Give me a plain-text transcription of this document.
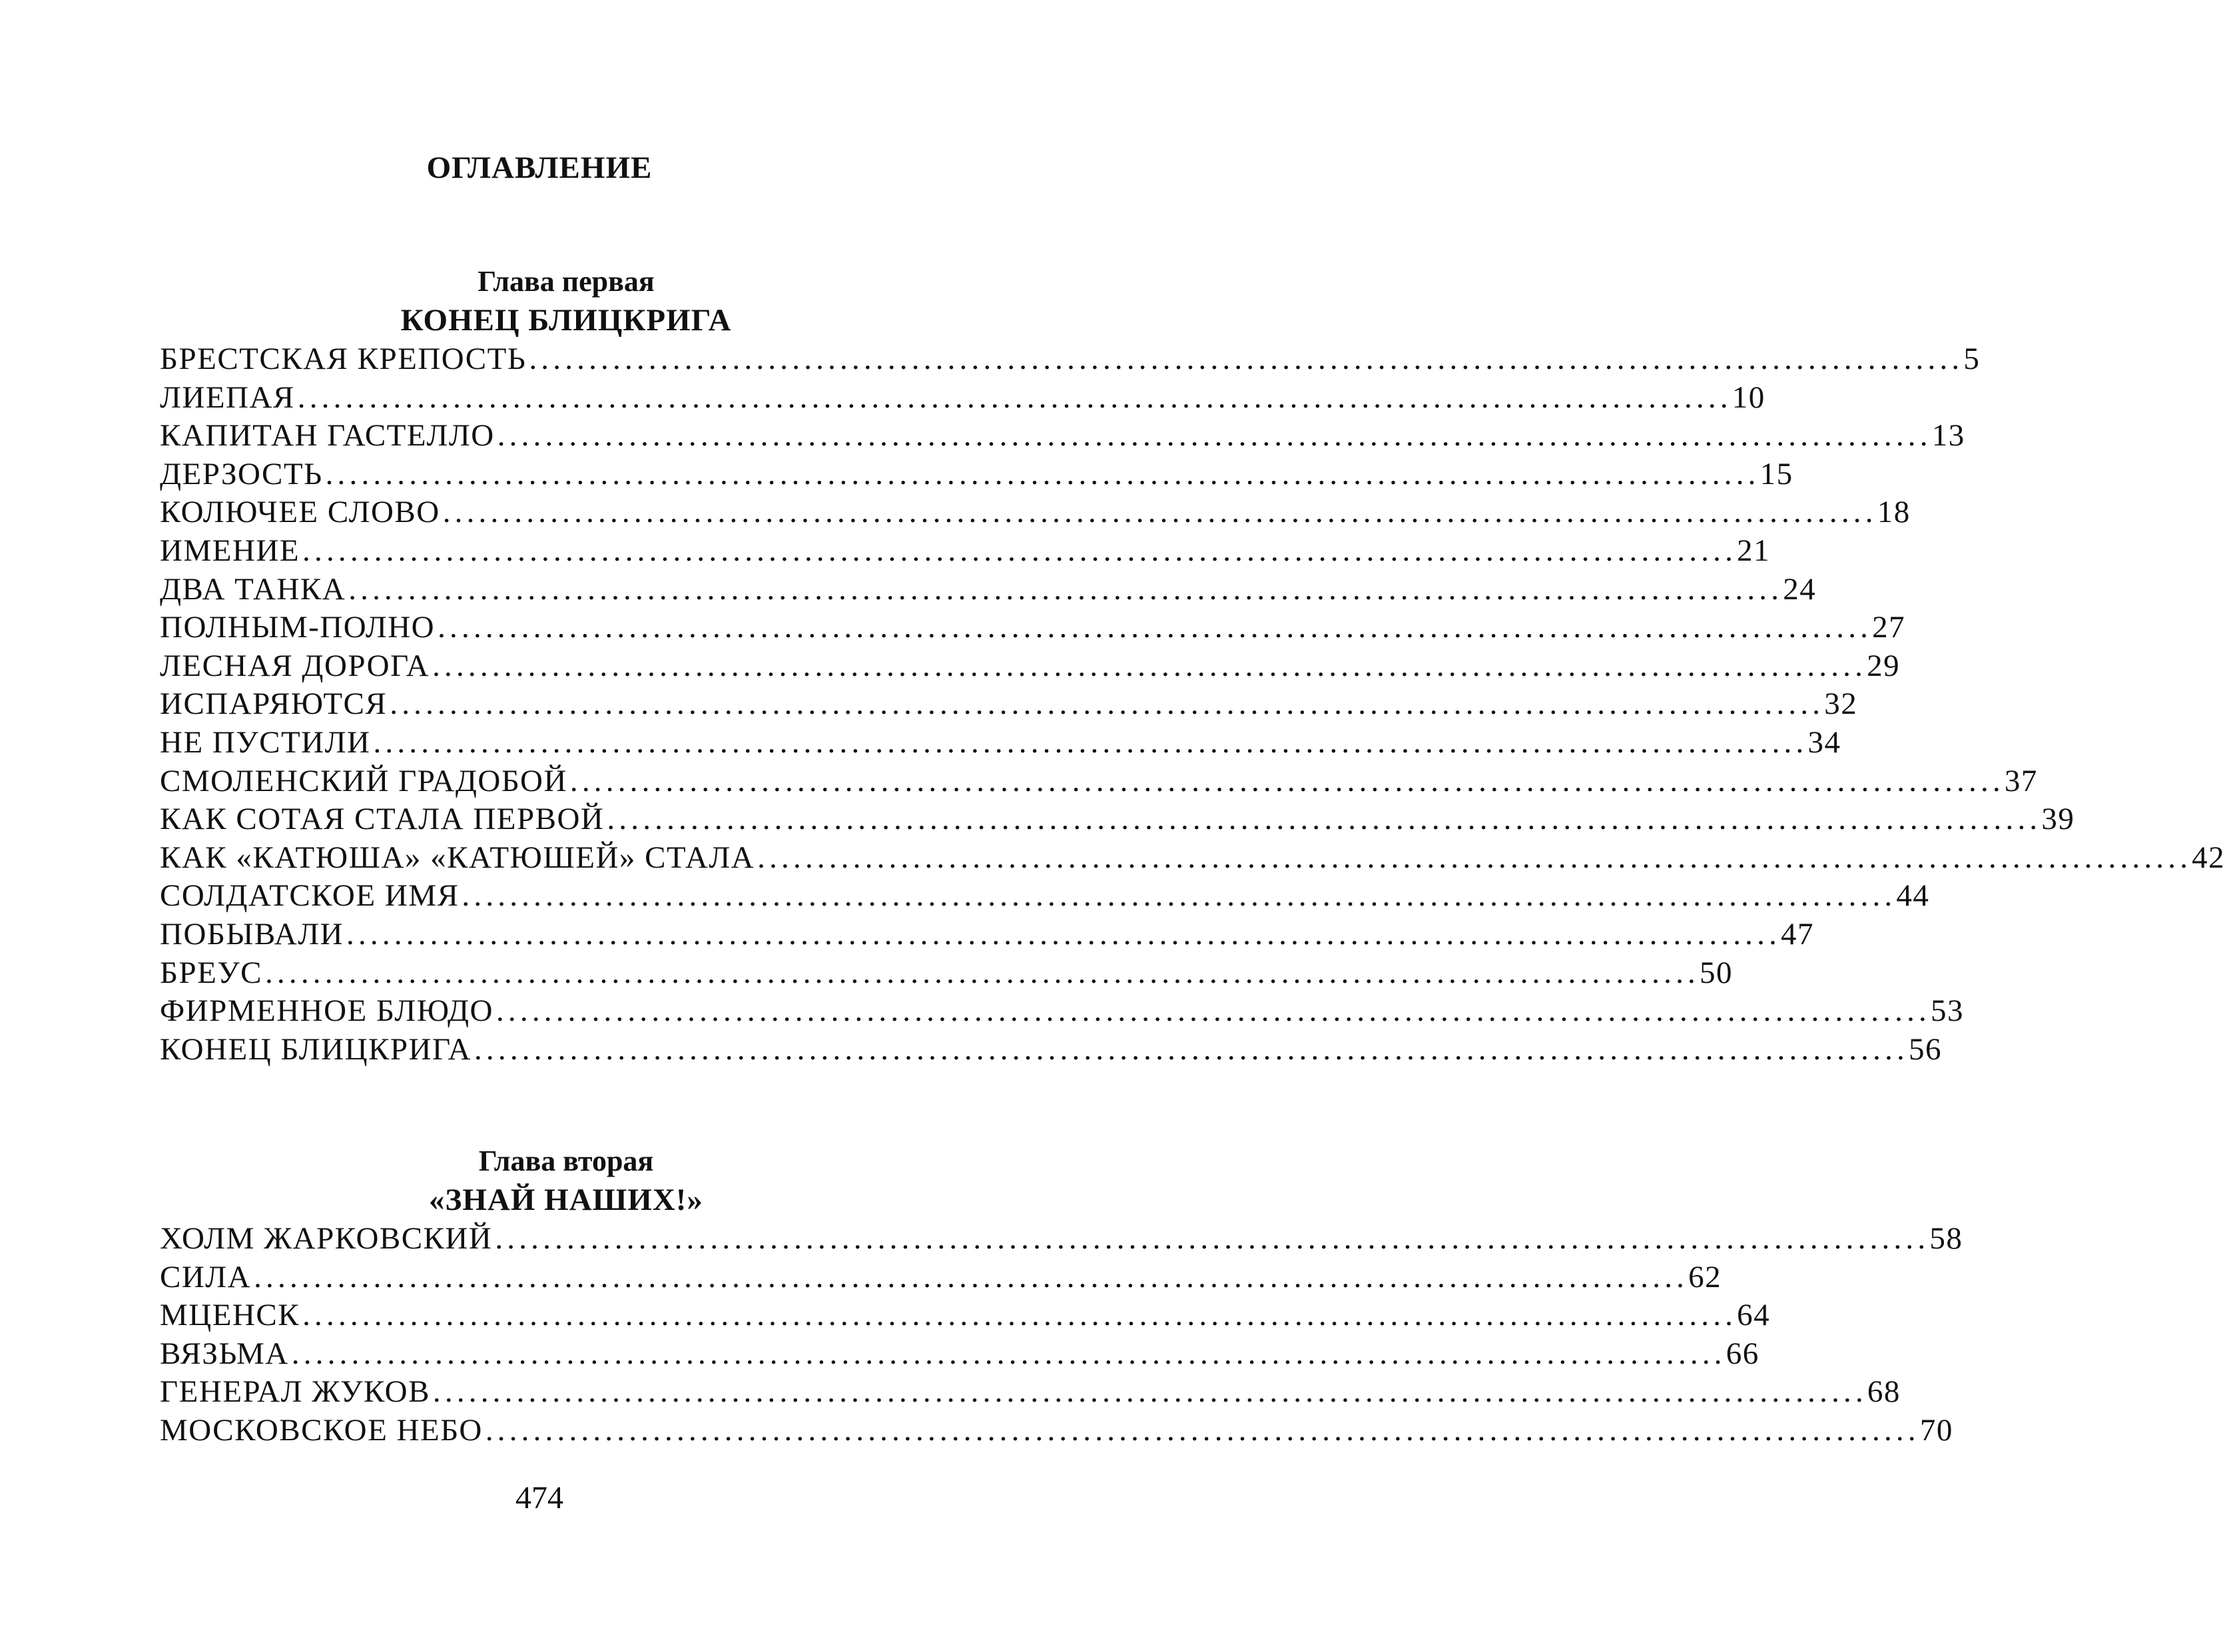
ОГЛАВЛЕНИЕ
Глава первая
КОНЕЦ БЛИЦКРИГА
БРЕСТСКАЯ КРЕПОСТЬ ........................................................................................................................ 5
ЛИЕПАЯ ........................................................................................................................ 10
КАПИТАН ГАСТЕЛЛО ........................................................................................................................ 13
ДЕРЗОСТЬ ........................................................................................................................ 15
КОЛЮЧЕЕ СЛОВО ........................................................................................................................ 18
ИМЕНИЕ ........................................................................................................................ 21
ДВА ТАНКА ........................................................................................................................ 24
ПОЛНЫМ-ПОЛНО ........................................................................................................................ 27
ЛЕСНАЯ ДОРОГА ........................................................................................................................ 29
ИСПАРЯЮТСЯ ........................................................................................................................ 32
НЕ ПУСТИЛИ ........................................................................................................................ 34
СМОЛЕНСКИЙ ГРАДОБОЙ ........................................................................................................................ 37
КАК СОТАЯ СТАЛА ПЕРВОЙ ........................................................................................................................ 39
КАК «КАТЮША» «КАТЮШЕЙ» СТАЛА ........................................................................................................................ 42
СОЛДАТСКОЕ ИМЯ ........................................................................................................................ 44
ПОБЫВАЛИ ........................................................................................................................ 47
БРЕУС ........................................................................................................................ 50
ФИРМЕННОЕ БЛЮДО ........................................................................................................................ 53
КОНЕЦ БЛИЦКРИГА ........................................................................................................................ 56
Глава вторая
«ЗНАЙ НАШИХ!»
ХОЛМ ЖАРКОВСКИЙ ........................................................................................................................ 58
СИЛА ........................................................................................................................ 62
МЦЕНСК ........................................................................................................................ 64
ВЯЗЬМА ........................................................................................................................ 66
ГЕНЕРАЛ ЖУКОВ ........................................................................................................................ 68
МОСКОВСКОЕ НЕБО ........................................................................................................................ 70
474
